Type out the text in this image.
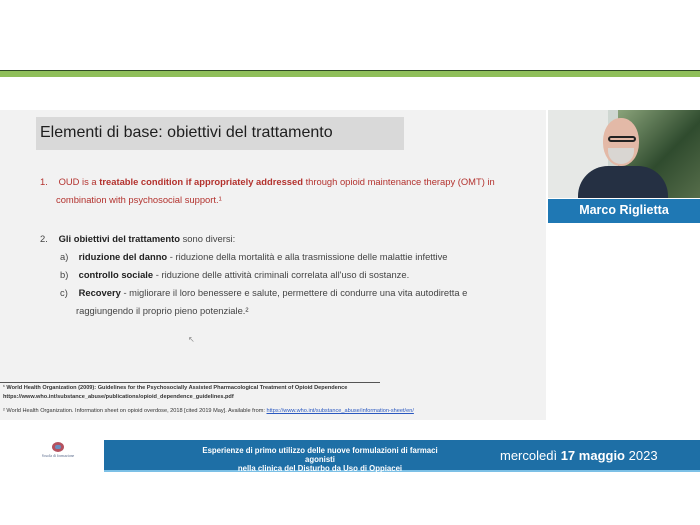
Elementi di base: obiettivi del trattamento
1. OUD is a treatable condition if appropriately addressed through opioid maintenance therapy (OMT) in
combination with psychosocial support.¹
2. Gli obiettivi del trattamento sono diversi:
a) riduzione del danno - riduzione della mortalità e alla trasmissione delle malattie infettive
b) controllo sociale - riduzione delle attività criminali correlata all'uso di sostanze.
c) Recovery - migliorare il loro benessere e salute, permettere di condurre una vita autodiretta e
raggiungendo il proprio pieno potenziale.²
↖
¹ World Health Organization (2009): Guidelines for the Psychosocially Assisted Pharmacological Treatment of Opioid Dependence
https://www.who.int/substance_abuse/publications/opioid_dependence_guidelines.pdf
² World Health Organization. Information sheet on opioid overdose, 2018 [cited 2019 May]. Available from: https://www.who.int/substance_abuse/information-sheet/en/
Marco Riglietta
Scuola di formazione
Esperienze di primo utilizzo delle nuove formulazioni di farmaci agonisti
nella clinica del Disturbo da Uso di Oppiacei
mercoledì 17 maggio 2023
